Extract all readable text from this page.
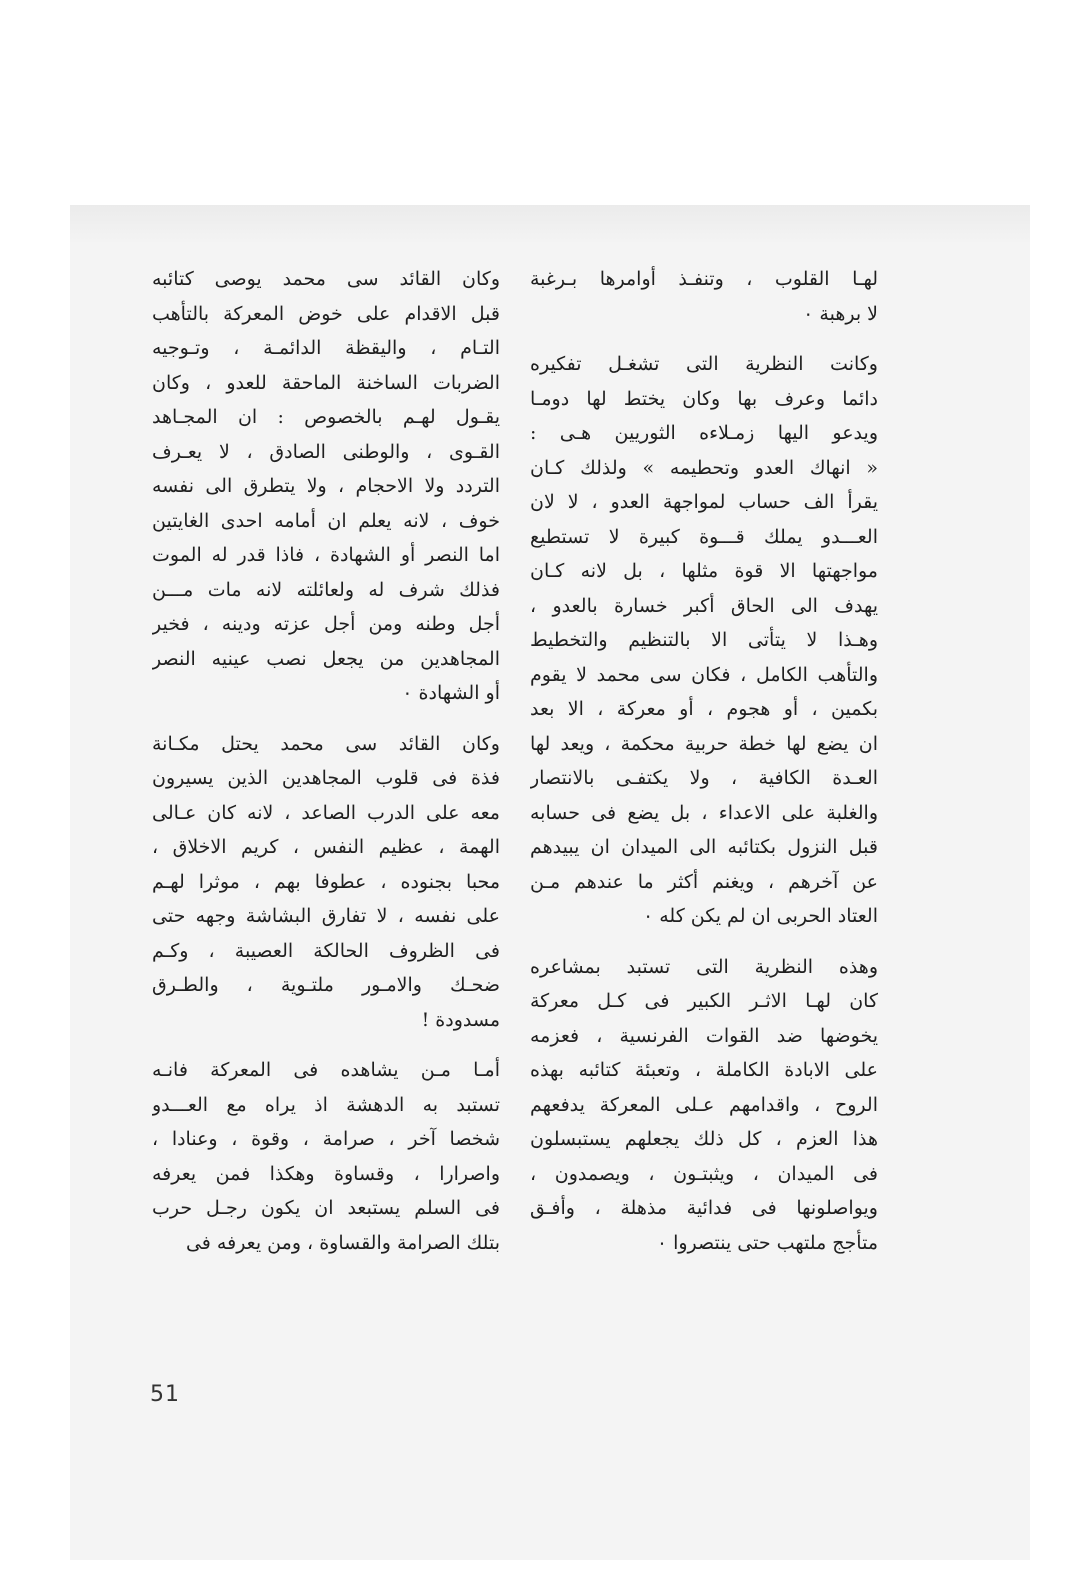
لهـا القلوب ، وتنفـذ أوامرها بـرغبة
لا برهبة ٠
وكانت النظرية التى تشغـل تفكيره
دائما وعرف بها وكان يختط لها دومـا
ويدعو اليها زمـلاءه الثوريين هـى :
« انهاك العدو وتحطيمه » ولذلك كـان
يقرأ الف حساب لمواجهة العدو ، لا لان
العـــدو يملك قـــوة كبيرة لا تستطيع
مواجهتها الا قوة مثلها ، بل لانه كـان
يهدف الى الحاق أكبر خسارة بالعدو ،
وهـذا لا يتأتى الا بالتنظيم والتخطيط
والتأهب الكامل ، فكان سى محمد لا يقوم
بكمين ، أو هجوم ، أو معركة ، الا بعد
ان يضع لها خطة حربية محكمة ، ويعد لها
العـدة الكافية ، ولا يكتفـى بالانتصار
والغلبة على الاعداء ، بل يضع فى حسابه
قبل النزول بكتائبه الى الميدان ان يبيدهم
عن آخرهم ، ويغنم أكثر ما عندهم مـن
العتاد الحربى ان لم يكن كله ٠
وهذه النظرية التى تستبد بمشاعره
كان لهـا الاثـر الكبير فى كـل معركة
يخوضها ضد القوات الفرنسية ، فعزمه
على الابادة الكاملة ، وتعبئة كتائبه بهذه
الروح ، واقدامهم عـلى المعركة يدفعهم
هذا العزم ، كل ذلك يجعلهم يستبسلون
فى الميدان ، ويثبتـون ، ويصمدون ،
ويواصلونها فى فدائية مذهلة ، وأفـق
متأجج ملتهب حتى ينتصروا ٠
وكان القائد سى محمد يوصى كتائبه
قبل الاقدام على خوض المعركة بالتأهب
التـام ، واليقظة الدائمـة ، وتـوجيه
الضربات الساخنة الماحقة للعدو ، وكان
يقـول لهـم بالخصوص : ان المجـاهد
القـوى ، والوطنى الصادق ، لا يعـرف
التردد ولا الاحجام ، ولا يتطرق الى نفسه
خوف ، لانه يعلم ان أمامه احدى الغايتين
اما النصر أو الشهادة ، فاذا قدر له الموت
فذلك شرف له ولعائلته لانه مات مـــن
أجل وطنه ومن أجل عزته ودينه ، فخير
المجاهدين من يجعل نصب عينيه النصر
أو الشهادة ٠
وكان القائد سى محمد يحتل مكـانة
فذة فى قلوب المجاهدين الذين يسيرون
معه على الدرب الصاعد ، لانه كان عـالى
الهمة ، عظيم النفس ، كريم الاخلاق ،
محبا بجنوده ، عطوفا بهم ، موثرا لهـم
على نفسه ، لا تفارق البشاشة وجهه حتى
فى الظروف الحالكة العصيبة ، وكـم
ضحـك والامـور ملتـوية ، والطـرق
مسدودة !
أمـا مـن يشاهده فى المعركة فانـه
تستبد به الدهشة اذ يراه مع العـــدو
شخصا آخر ، صرامة ، وقوة ، وعنادا ،
واصرارا ، وقساوة وهكذا فمن يعرفه
فى السلم يستبعد ان يكون رجـل حرب
بتلك الصرامة والقساوة ، ومن يعرفه فى
51
